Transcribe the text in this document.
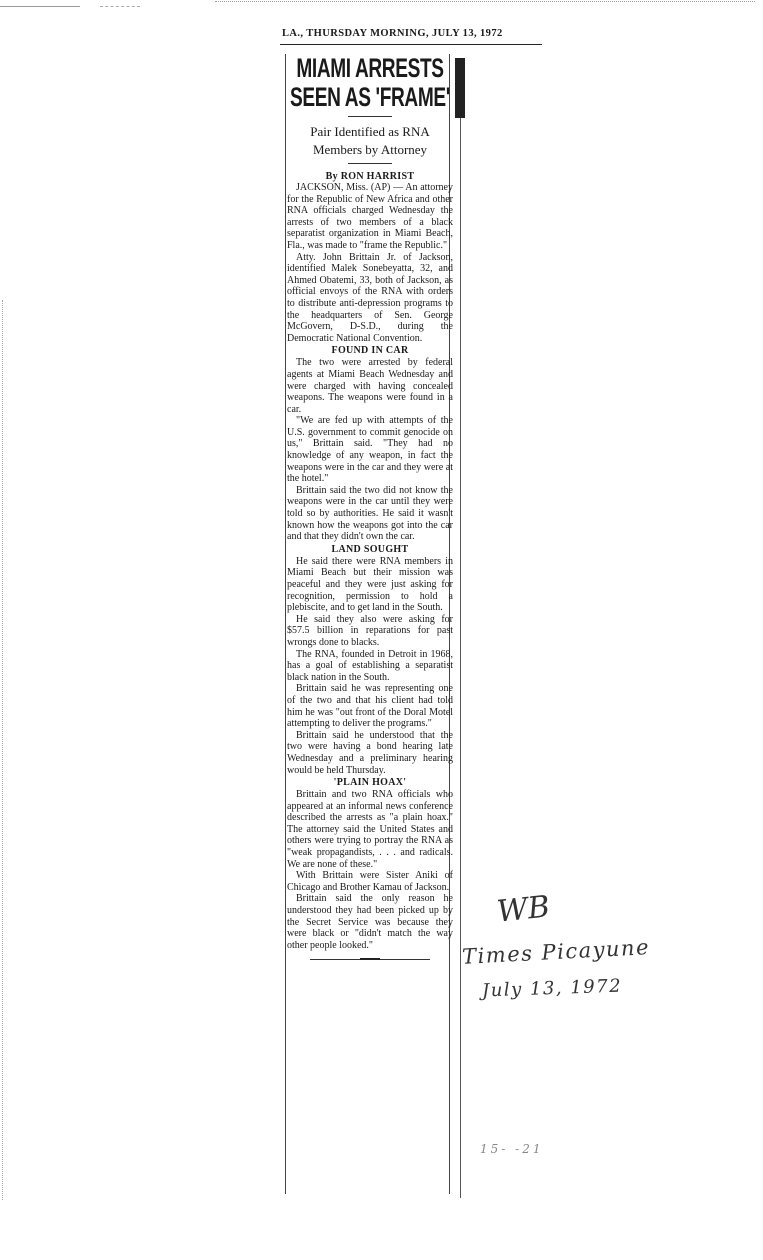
LA., THURSDAY MORNING, JULY 13, 1972
MIAMI ARRESTS
SEEN AS 'FRAME'
Pair Identified as RNA
Members by Attorney
By RON HARRIST

JACKSON, Miss. (AP) — An attorney for the Republic of New Africa and other RNA officials charged Wednesday the arrests of two members of a black separatist organization in Miami Beach, Fla., was made to "frame the Republic."

Atty. John Brittain Jr. of Jackson, identified Malek Sonebeyatta, 32, and Ahmed Obatemi, 33, both of Jackson, as official envoys of the RNA with orders to distribute anti-depression programs to the headquarters of Sen. George McGovern, D-S.D., during the Democratic National Convention.

FOUND IN CAR

The two were arrested by federal agents at Miami Beach Wednesday and were charged with having concealed weapons. The weapons were found in a car.

"We are fed up with attempts of the U.S. government to commit genocide on us," Brittain said. "They had no knowledge of any weapon, in fact the weapons were in the car and they were at the hotel."

Brittain said the two did not know the weapons were in the car until they were told so by authorities. He said it wasn't known how the weapons got into the car and that they didn't own the car.

LAND SOUGHT

He said there were RNA members in Miami Beach but their mission was peaceful and they were just asking for recognition, permission to hold a plebiscite, and to get land in the South.

He said they also were asking for $57.5 billion in reparations for past wrongs done to blacks.

The RNA, founded in Detroit in 1968, has a goal of establishing a separatist black nation in the South.

Brittain said he was representing one of the two and that his client had told him he was "out front of the Doral Motel attempting to deliver the programs."

Brittain said he understood that the two were having a bond hearing late Wednesday and a preliminary hearing would be held Thursday.

'PLAIN HOAX'

Brittain and two RNA officials who appeared at an informal news conference described the arrests as "a plain hoax." The attorney said the United States and others were trying to portray the RNA as "weak propagandists, . . . and radicals. We are none of these."

With Brittain were Sister Aniki of Chicago and Brother Kamau of Jackson.

Brittain said the only reason he understood they had been picked up by the Secret Service was because they were black or "didn't match the way other people looked."

WB
Times Picayune
July 13, 1972
15- -21
